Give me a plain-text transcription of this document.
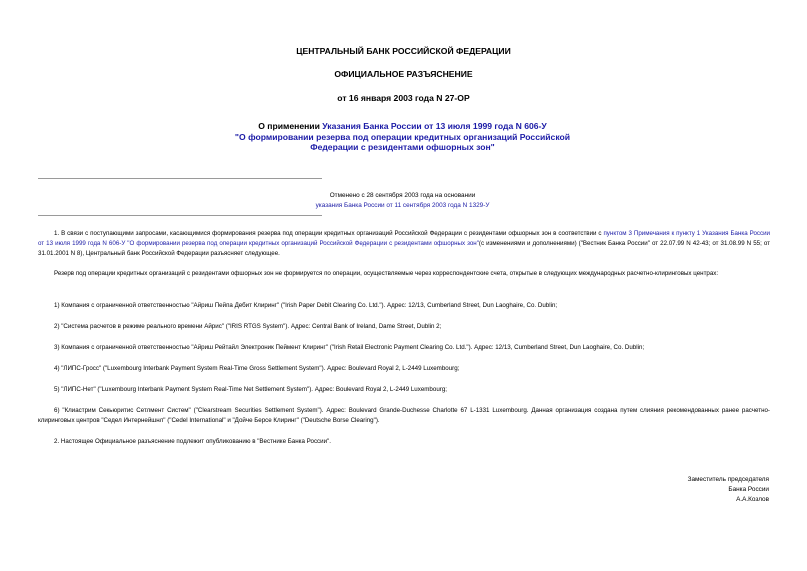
ЦЕНТРАЛЬНЫЙ БАНК РОССИЙСКОЙ ФЕДЕРАЦИИ
ОФИЦИАЛЬНОЕ РАЗЪЯСНЕНИЕ
от 16 января 2003 года N 27-ОР
О применении Указания Банка России от 13 июля 1999 года N 606-У
"О формировании резерва под операции кредитных организаций Российской Федерации с резидентами офшорных зон"
Отменено с 28 сентября 2003 года на основании
указания Банка России от 11 сентября 2003 года N 1329-У
1. В связи с поступающими запросами, касающимися формирования резерва под операции кредитных организаций Российской Федерации с резидентами офшорных зон в соответствии с пунктом 3 Примечания к пункту 1 Указания Банка России от 13 июля 1999 года N 606-У "О формировании резерва под операции кредитных организаций Российской Федерации с резидентами офшорных зон"(с изменениями и дополнениями) ("Вестник Банка России" от 22.07.99 N 42-43; от 31.08.99 N 55; от 31.01.2001 N 8), Центральный банк Российской Федерации разъясняет следующее.
Резерв под операции кредитных организаций с резидентами офшорных зон не формируется по операции, осуществляемые через корреспондентские счета, открытые в следующих международных расчетно-клиринговых центрах:
1) Компания с ограниченной ответственностью "Айриш Пейпа Дебит Клиринг" ("Irish Paper Debit Clearing Co. Ltd."). Адрес: 12/13, Cumberland Street, Dun Laoghaire, Co. Dublin;
2) "Система расчетов в режиме реального времени Айрис" ("IRIS RTGS System"). Адрес: Central Bank of Ireland, Dame Street, Dublin 2;
3) Компания с ограниченной ответственностью "Айриш Рейтайл Электроник Пеймент Клиринг" ("Irish Retail Electronic Payment Clearing Co. Ltd."). Адрес: 12/13, Cumberland Street, Dun Laoghaire, Co. Dublin;
4) "ЛИПС-Гросс" ("Luxembourg Interbank Payment System Real-Time Gross Settlement System"). Адрес: Boulevard Royal 2, L-2449 Luxembourg;
5) "ЛИПС-Нет" ("Luxembourg Interbank Payment System Real-Time Net Settlement System"). Адрес: Boulevard Royal 2, L-2449 Luxembourg;
6) "Клиастрим Секьюритис Сетлмент Систем" ("Clearstream Securities Settlement System"). Адрес: Boulevard Grande-Duchesse Charlotte 67 L-1331 Luxembourg. Данная организация создана путем слияния рекомендованных ранее расчетно-клиринговых центров "Седел Интернейшнл" ("Cedel International" и "Дойче Берсе Клиринг" ("Deutsche Borse Clearing").
2. Настоящее Официальное разъяснение подлежит опубликованию в "Вестнике Банка России".
Заместитель председателя
Банка России
А.А.Козлов
